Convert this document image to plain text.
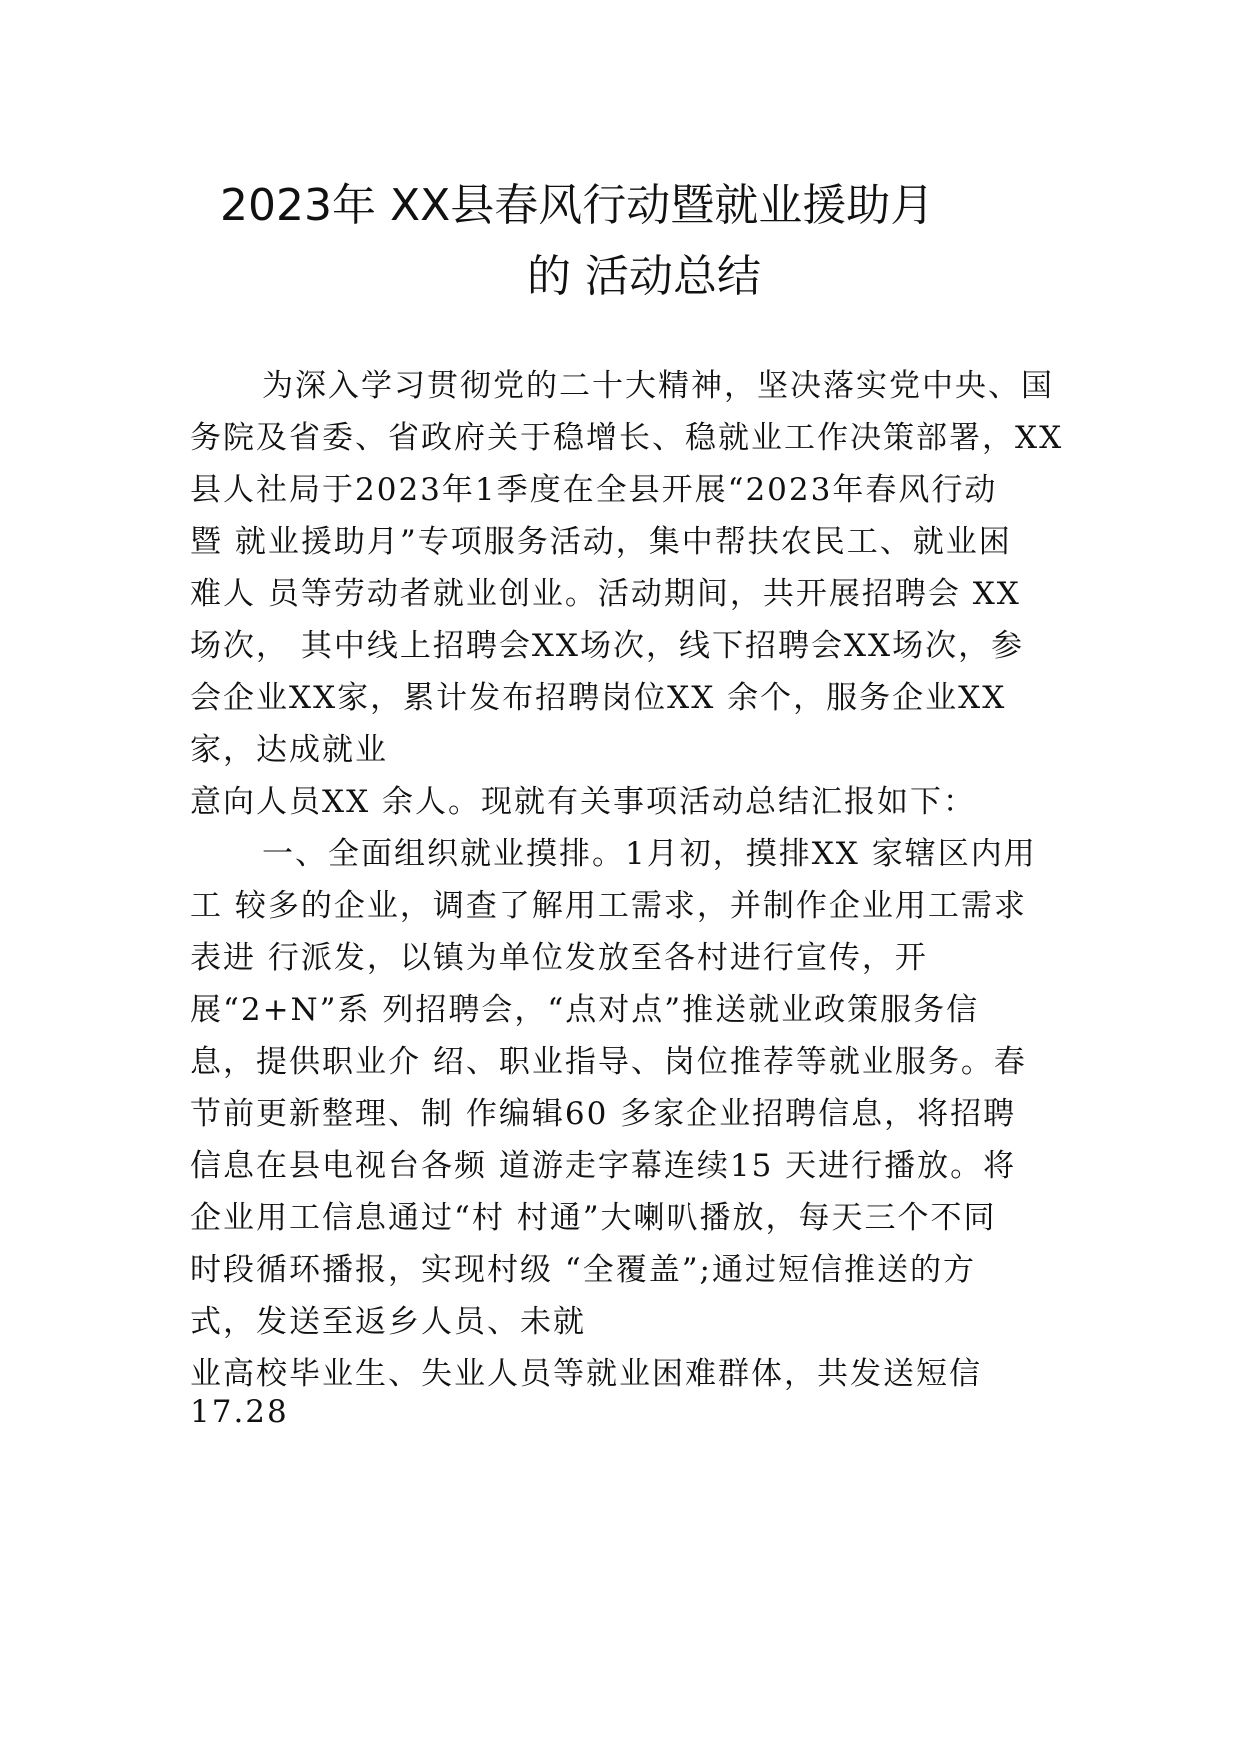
2023年 XX县春风行动暨就业援助月
的 活动总结
为深入学习贯彻党的二十大精神，坚决落实党中央、国
务院及省委、省政府关于稳增长、稳就业工作决策部署，XX
县人社局于2023年1季度在全县开展“2023年春风行动
暨 就业援助月”专项服务活动，集中帮扶农民工、就业困
难人 员等劳动者就业创业。活动期间，共开展招聘会 XX
场次， 其中线上招聘会XX场次，线下招聘会XX场次，参
会企业XX家，累计发布招聘岗位XX 余个，服务企业XX
家，达成就业
意向人员XX 余人。现就有关事项活动总结汇报如下：
一、全面组织就业摸排。1月初，摸排XX 家辖区内用
工 较多的企业，调查了解用工需求，并制作企业用工需求
表进 行派发，以镇为单位发放至各村进行宣传，开
展“2+N”系 列招聘会，“点对点”推送就业政策服务信
息，提供职业介 绍、职业指导、岗位推荐等就业服务。春
节前更新整理、制 作编辑60 多家企业招聘信息，将招聘
信息在县电视台各频 道游走字幕连续15 天进行播放。将
企业用工信息通过“村 村通”大喇叭播放，每天三个不同
时段循环播报，实现村级 “全覆盖”;通过短信推送的方
式，发送至返乡人员、未就
业高校毕业生、失业人员等就业困难群体，共发送短信
17.28
